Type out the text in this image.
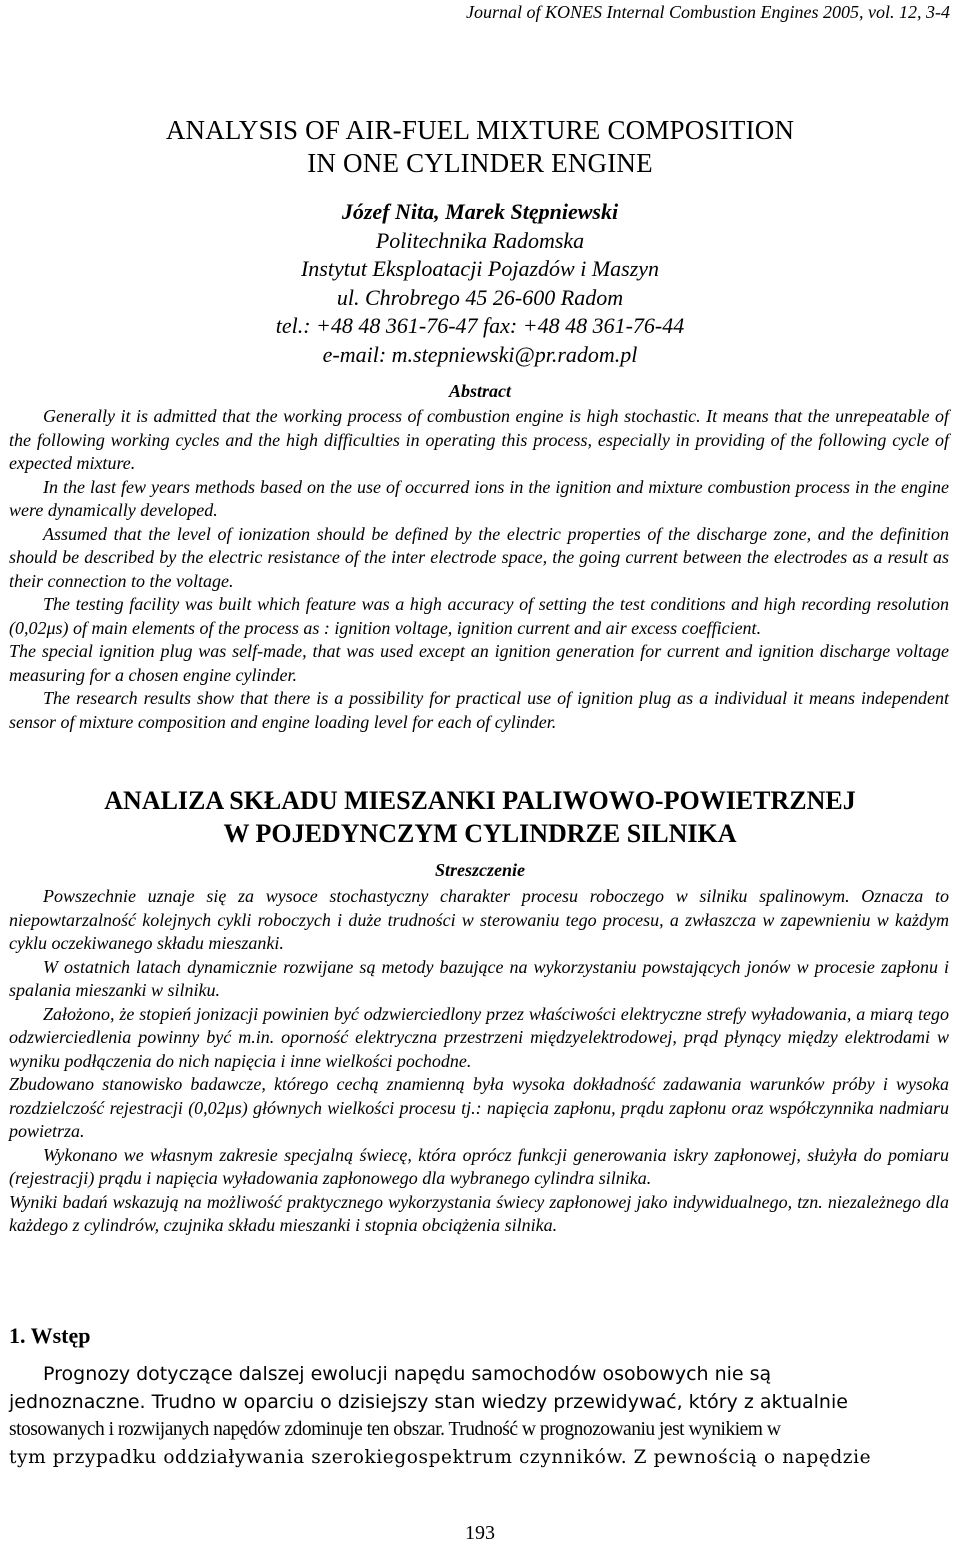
Journal of KONES Internal Combustion Engines 2005, vol. 12, 3-4
ANALYSIS OF AIR-FUEL MIXTURE COMPOSITION
IN ONE CYLINDER ENGINE
Józef Nita, Marek Stępniewski
Politechnika Radomska
Instytut Eksploatacji Pojazdów i Maszyn
ul. Chrobrego 45 26-600 Radom
tel.: +48 48 361-76-47 fax: +48 48 361-76-44
e-mail: m.stepniewski@pr.radom.pl
Abstract

Generally it is admitted that the working process of combustion engine is high stochastic. It means that the unrepeatable of the following working cycles and the high difficulties in operating this process, especially in providing of the following cycle of expected mixture.

In the last few years methods based on the use of occurred ions in the ignition and mixture combustion process in the engine were dynamically developed.

Assumed that the level of ionization should be defined by the electric properties of the discharge zone, and the definition should be described by the electric resistance of the inter electrode space, the going current between the electrodes as a result as their connection to the voltage.

The testing facility was built which feature was a high accuracy of setting the test conditions and high recording resolution (0,02μs) of main elements of the process as : ignition voltage, ignition current and air excess coefficient.

The special ignition plug was self-made, that was used except an ignition generation for current and ignition discharge voltage measuring for a chosen engine cylinder.

The research results show that there is a possibility for practical use of ignition plug as a individual it means independent sensor of mixture composition and engine loading level for each of cylinder.

ANALIZA SKŁADU MIESZANKI PALIWOWO-POWIETRZNEJ
W POJEDYNCZYM CYLINDRZE SILNIKA
Streszczenie

Powszechnie uznaje się za wysoce stochastyczny charakter procesu roboczego w silniku spalinowym. Oznacza to niepowtarzalność kolejnych cykli roboczych i duże trudności w sterowaniu tego procesu, a zwłaszcza w zapewnieniu w każdym cyklu oczekiwanego składu mieszanki.

W ostatnich latach dynamicznie rozwijane są metody bazujące na wykorzystaniu powstających jonów w procesie zapłonu i spalania mieszanki w silniku.

Założono, że stopień jonizacji powinien być odzwierciedlony przez właściwości elektryczne strefy wyładowania, a miarą tego odzwierciedlenia powinny być m.in. oporność elektryczna przestrzeni międzyelektrodowej, prąd płynący między elektrodami w wyniku podłączenia do nich napięcia i inne wielkości pochodne.

Zbudowano stanowisko badawcze, którego cechą znamienną była wysoka dokładność zadawania warunków próby i wysoka rozdzielczość rejestracji (0,02μs) głównych wielkości procesu tj.: napięcia zapłonu, prądu zapłonu oraz współczynnika nadmiaru powietrza.

Wykonano we własnym zakresie specjalną świecę, która oprócz funkcji generowania iskry zapłonowej, służyła do pomiaru (rejestracji) prądu i napięcia wyładowania zapłonowego dla wybranego cylindra silnika.

Wyniki badań wskazują na możliwość praktycznego wykorzystania świecy zapłonowej jako indywidualnego, tzn. niezależnego dla każdego z cylindrów, czujnika składu mieszanki i stopnia obciążenia silnika.

1. Wstęp
Prognozy dotyczące dalszej ewolucji napędu samochodów osobowych nie są
jednoznaczne. Trudno w oparciu o dzisiejszy stan wiedzy przewidywać, który z aktualnie
stosowanych i rozwijanych napędów zdominuje ten obszar. Trudność w prognozowaniu jest wynikiem w
tym przypadku oddziaływania szerokiegospektrum czynników. Z pewnością o napędzie
193
